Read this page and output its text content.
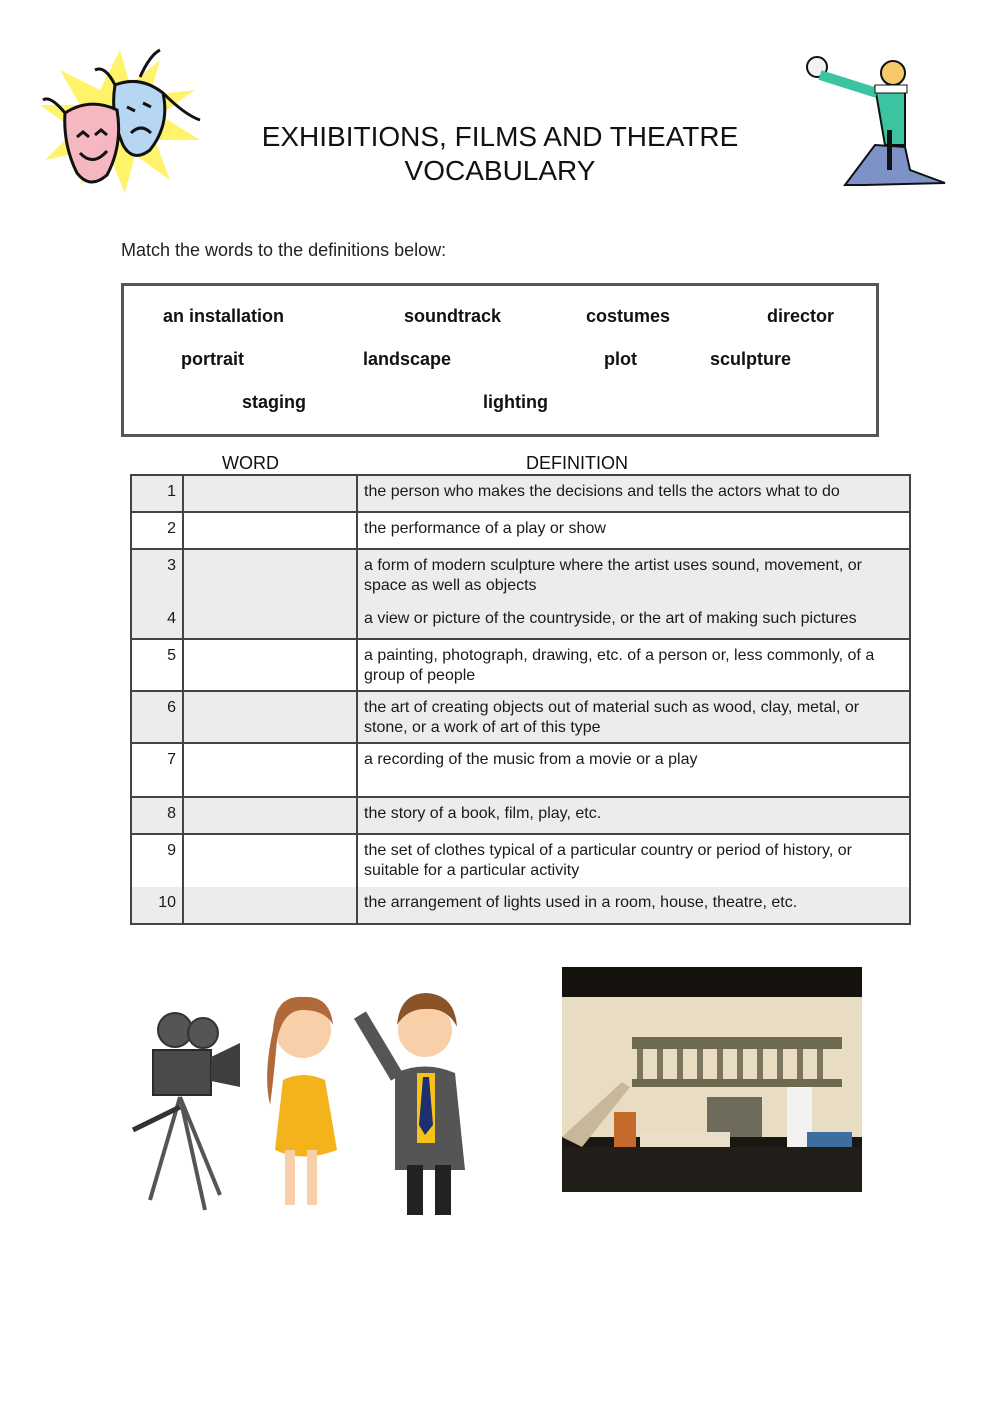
EXHIBITIONS, FILMS AND THEATRE
VOCABULARY
Match the words to the definitions below:
an installation	soundtrack	costumes	director
portrait	landscape	plot	sculpture
staging	lighting
WORD	DEFINITION
1		the person who makes the decisions and tells the actors what to do
2		the performance of a play or show
3		a form of modern sculpture where the artist uses sound, movement, or space as well as objects
4		a view or picture of the countryside, or the art of making such pictures
5		a painting, photograph, drawing, etc. of a person or, less commonly, of a group of people
6		the art of creating objects out of material such as wood, clay, metal, or stone, or a work of art of this type
7		a recording of the music from a movie or a play
8		the story of a book, film, play, etc.
9		the set of clothes typical of a particular country or period of history, or suitable for a particular activity
10		the arrangement of lights used in a room, house, theatre, etc.
